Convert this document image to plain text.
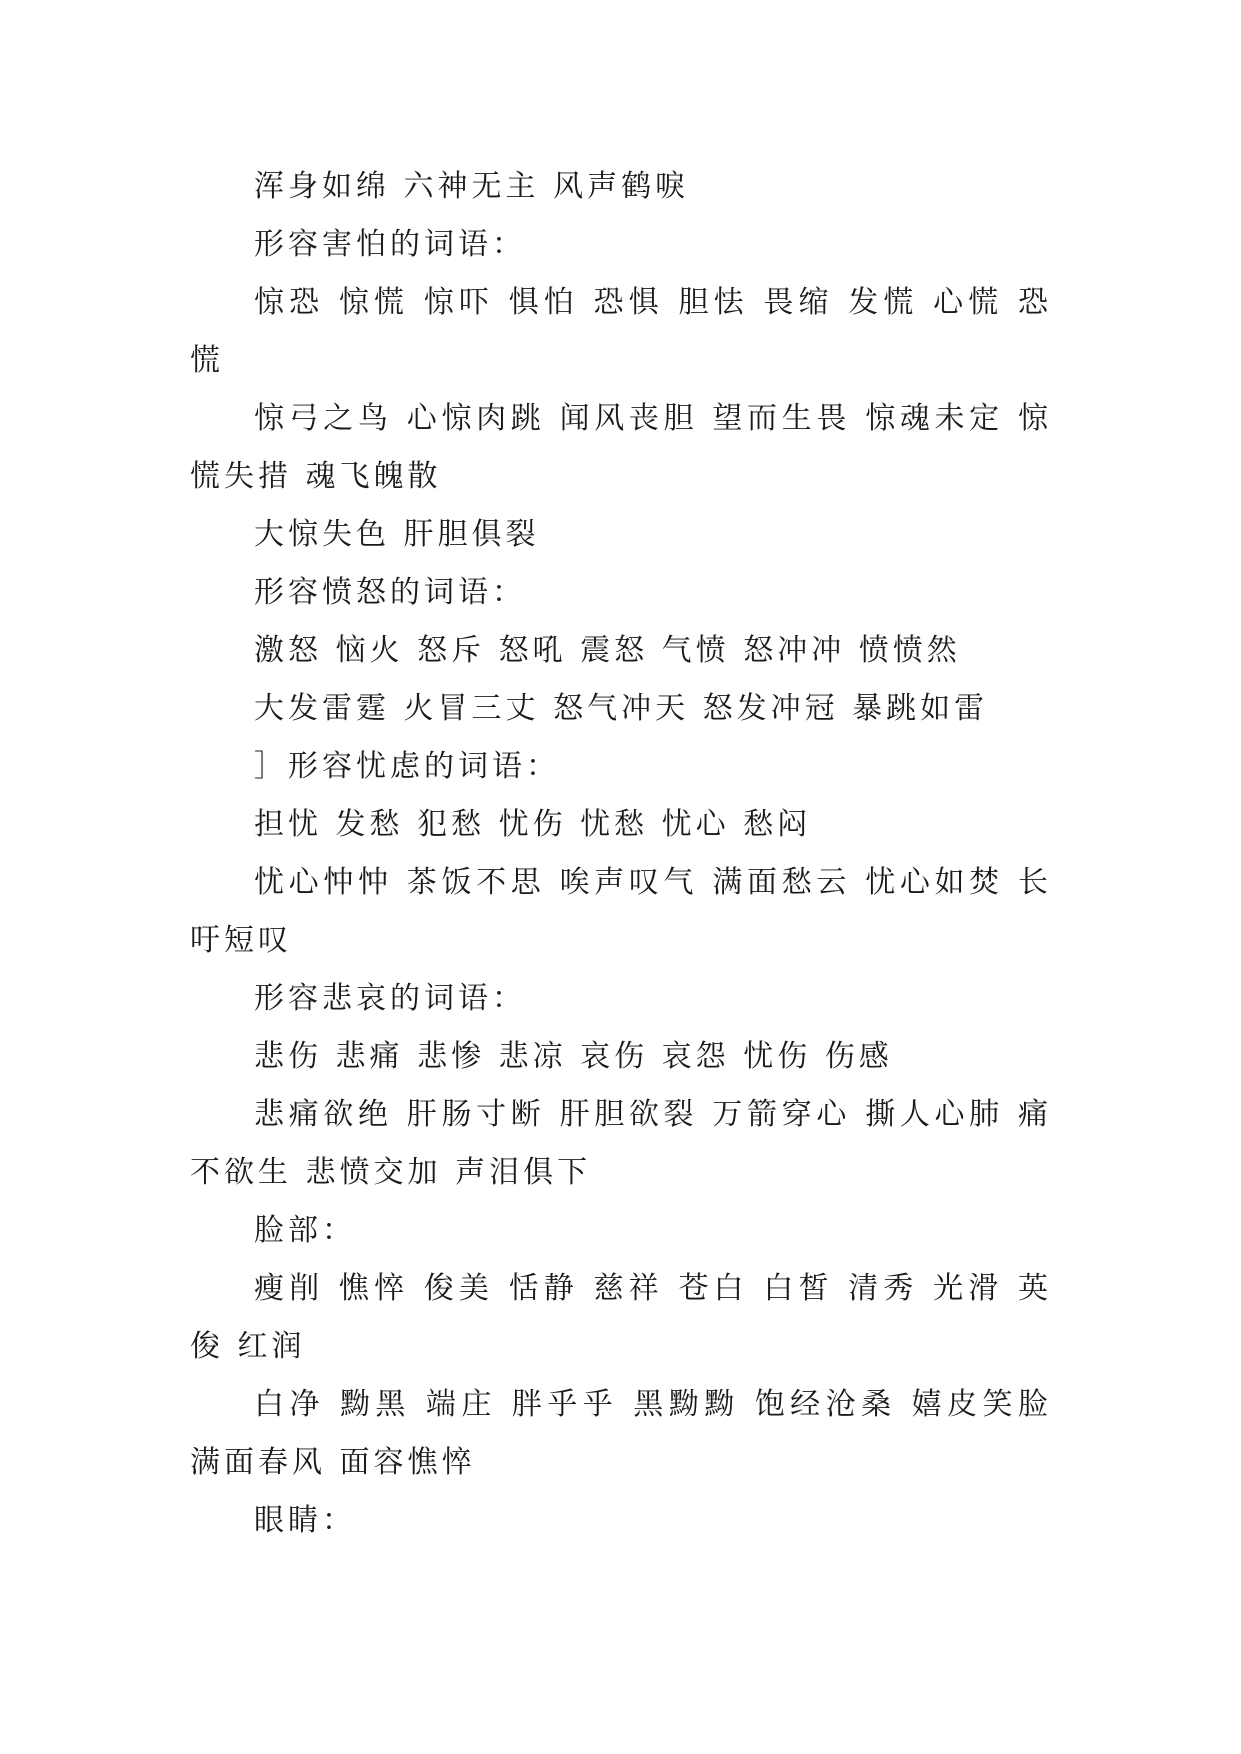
浑身如绵 六神无主 风声鹤唳

形容害怕的词语：

惊恐 惊慌 惊吓 惧怕 恐惧 胆怯 畏缩 发慌 心慌 恐慌

惊弓之鸟 心惊肉跳 闻风丧胆 望而生畏 惊魂未定 惊慌失措 魂飞魄散

大惊失色 肝胆俱裂

形容愤怒的词语：

激怒 恼火 怒斥 怒吼 震怒 气愤 怒冲冲 愤愤然

大发雷霆 火冒三丈 怒气冲天 怒发冲冠 暴跳如雷

］形容忧虑的词语：

担忧 发愁 犯愁 忧伤 忧愁 忧心 愁闷

忧心忡忡 茶饭不思 唉声叹气 满面愁云 忧心如焚 长吁短叹

形容悲哀的词语：

悲伤 悲痛 悲惨 悲凉 哀伤 哀怨 忧伤 伤感

悲痛欲绝 肝肠寸断 肝胆欲裂 万箭穿心 撕人心肺 痛不欲生 悲愤交加 声泪俱下

脸部：

瘦削 憔悴 俊美 恬静 慈祥 苍白 白皙 清秀 光滑 英俊 红润

白净 黝黑 端庄 胖乎乎 黑黝黝 饱经沧桑 嬉皮笑脸 满面春风 面容憔悴

眼睛：
